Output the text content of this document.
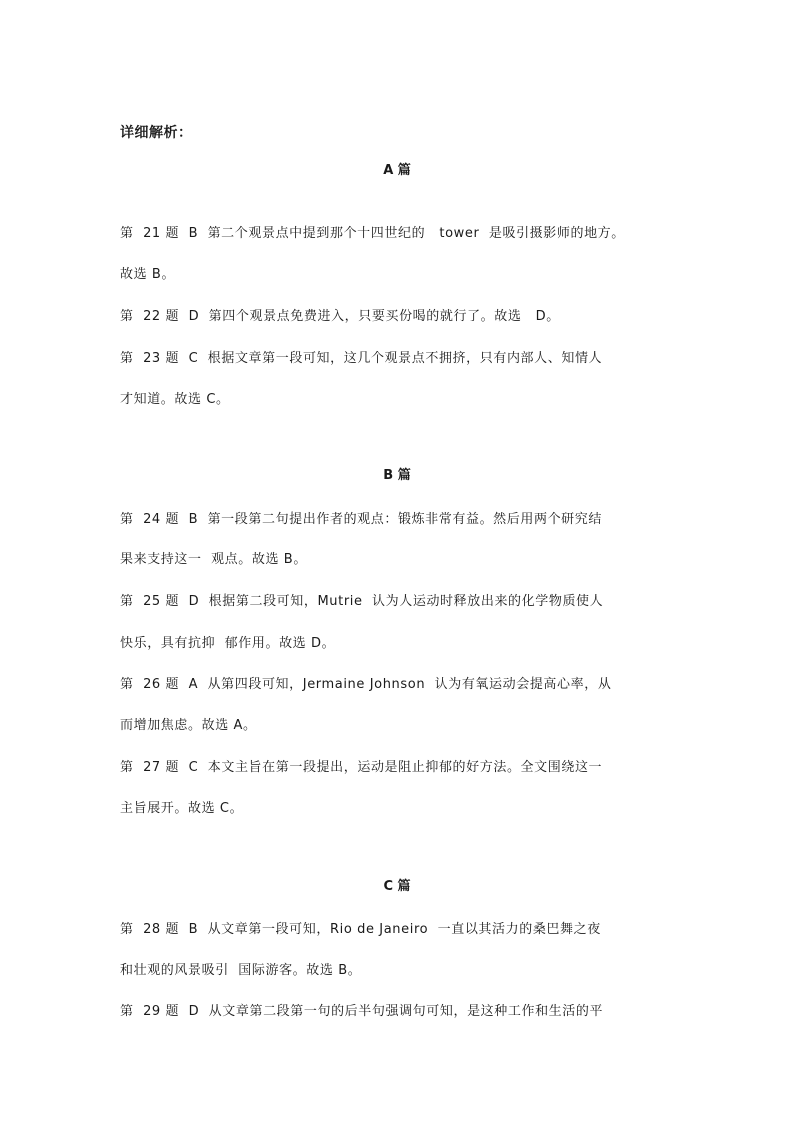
详细解析：
A 篇
第  21 题  B  第二个观景点中提到那个十四世纪的   tower  是吸引摄影师的地方。
故选 B。
第  22 题  D  第四个观景点免费进入，只要买份喝的就行了。故选   D。
第  23 题  C  根据文章第一段可知，这几个观景点不拥挤，只有内部人、知情人
才知道。故选 C。
B 篇
第  24 题  B  第一段第二句提出作者的观点：锻炼非常有益。然后用两个研究结
果来支持这一  观点。故选 B。
第  25 题  D  根据第二段可知，Mutrie  认为人运动时释放出来的化学物质使人
快乐，具有抗抑  郁作用。故选 D。
第  26 题  A  从第四段可知，Jermaine Johnson  认为有氧运动会提高心率，从
而增加焦虑。故选 A。
第  27 题  C  本文主旨在第一段提出，运动是阻止抑郁的好方法。全文围绕这一
主旨展开。故选 C。
C 篇
第  28 题  B  从文章第一段可知，Rio de Janeiro  一直以其活力的桑巴舞之夜
和壮观的风景吸引  国际游客。故选 B。
第  29 题  D  从文章第二段第一句的后半句强调句可知，是这种工作和生活的平
